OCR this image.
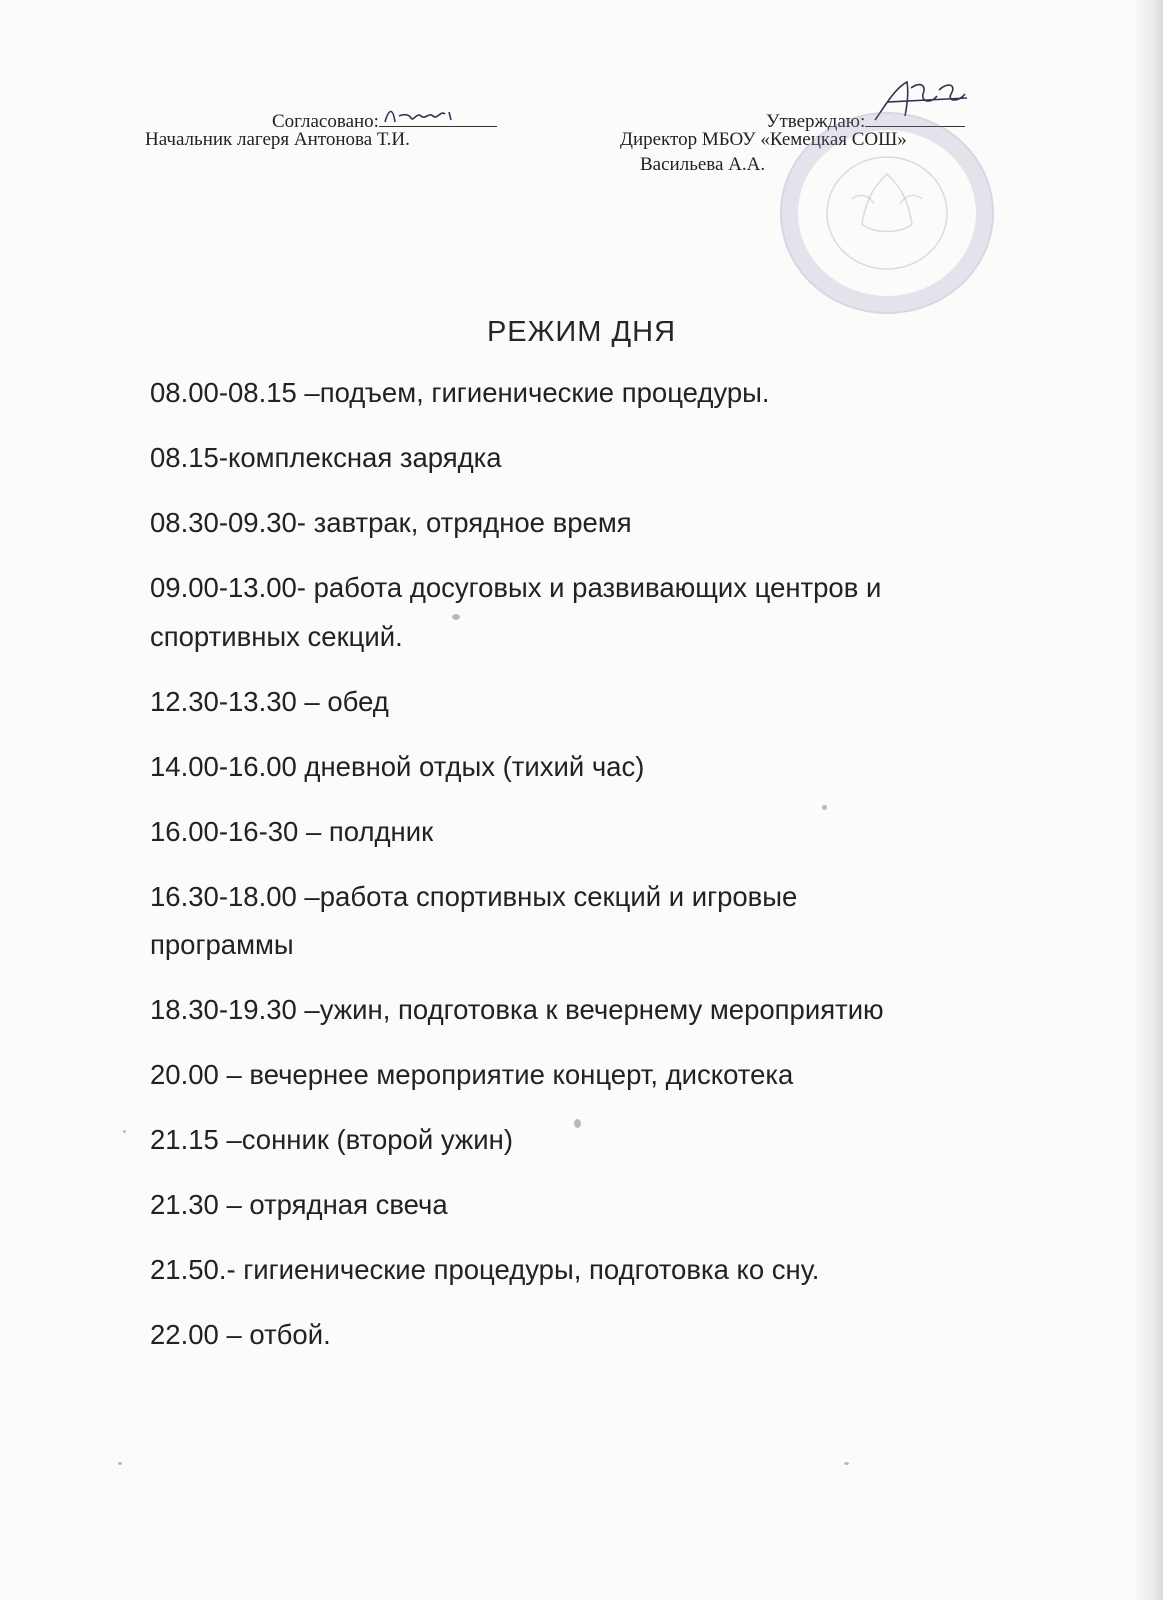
Согласовано:
Начальник лагеря Антонова Т.И.
Утверждаю:
Директор МБОУ «Кемецкая СОШ»
Васильева А.А.
РЕЖИМ ДНЯ
08.00-08.15 –подъем, гигиенические процедуры.
08.15-комплексная зарядка
08.30-09.30- завтрак, отрядное время
09.00-13.00- работа досуговых и развивающих центров и
спортивных секций.
12.30-13.30 – обед
14.00-16.00 дневной отдых (тихий час)
16.00-16-30 – полдник
16.30-18.00 –работа спортивных секций и игровые
программы
18.30-19.30 –ужин, подготовка к вечернему мероприятию
20.00 – вечернее мероприятие концерт, дискотека
21.15 –сонник (второй ужин)
21.30 – отрядная свеча
21.50.- гигиенические процедуры, подготовка ко сну.
22.00 – отбой.
